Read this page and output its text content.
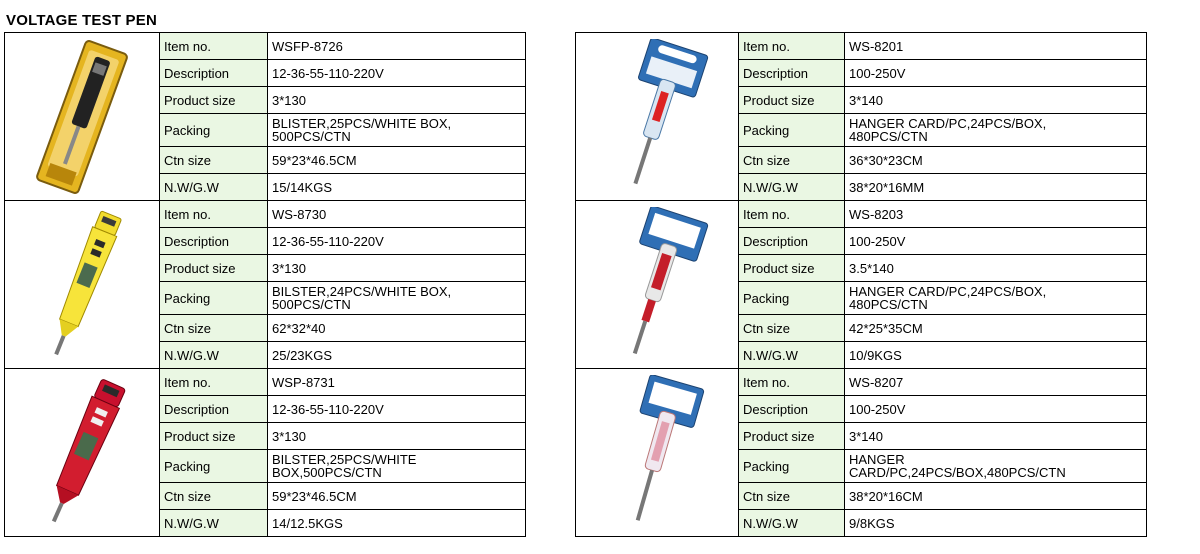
VOLTAGE TEST PEN
	Item no.	WSFP-8726
	Description	12-36-55-110-220V
	Product size	3*130
	Packing	BLISTER,25PCS/WHITE BOX,
500PCS/CTN
	Ctn size	59*23*46.5CM
	N.W/G.W	15/14KGS

	Item no.	WS-8730
	Description	12-36-55-110-220V
	Product size	3*130
	Packing	BILSTER,24PCS/WHITE BOX,
500PCS/CTN
	Ctn size	62*32*40
	N.W/G.W	25/23KGS

	Item no.	WSP-8731
	Description	12-36-55-110-220V
	Product size	3*130
	Packing	BILSTER,25PCS/WHITE
BOX,500PCS/CTN
	Ctn size	59*23*46.5CM
	N.W/G.W	14/12.5KGS
	Item no.	WS-8201
	Description	100-250V
	Product size	3*140
	Packing	HANGER CARD/PC,24PCS/BOX,
480PCS/CTN
	Ctn size	36*30*23CM
	N.W/G.W	38*20*16MM

	Item no.	WS-8203
	Description	100-250V
	Product size	3.5*140
	Packing	HANGER CARD/PC,24PCS/BOX,
480PCS/CTN
	Ctn size	42*25*35CM
	N.W/G.W	10/9KGS

	Item no.	WS-8207
	Description	100-250V
	Product size	3*140
	Packing	HANGER
CARD/PC,24PCS/BOX,480PCS/CTN
	Ctn size	38*20*16CM
	N.W/G.W	9/8KGS
